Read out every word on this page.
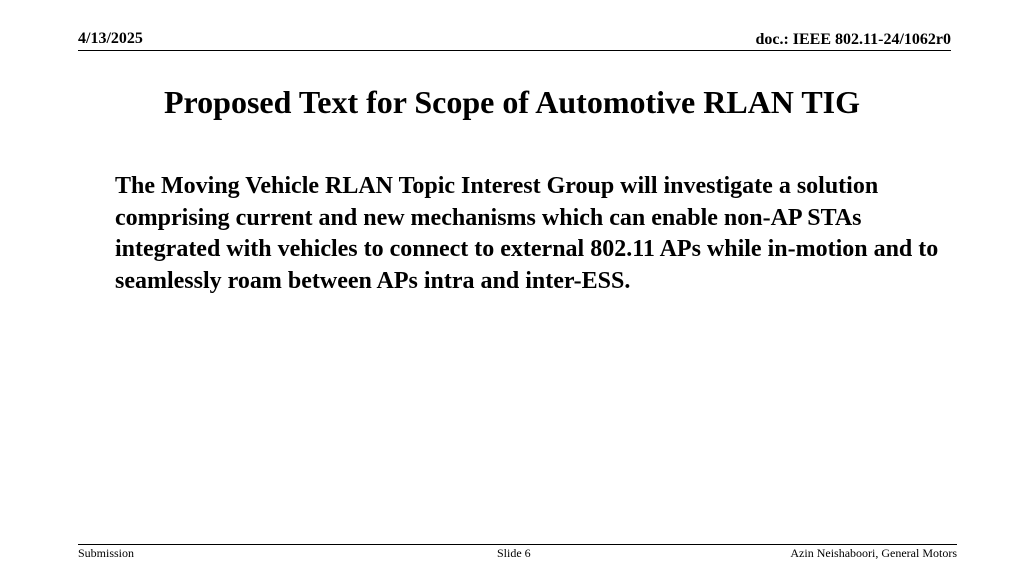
4/13/2025	doc.: IEEE 802.11-24/1062r0
Proposed Text for Scope of Automotive RLAN TIG

The Moving Vehicle RLAN Topic Interest Group will investigate a solution comprising current and new mechanisms which can enable non-AP STAs integrated with vehicles to connect to external 802.11 APs while in-motion and to seamlessly roam between APs intra and inter-ESS.

Submission	Slide 6	Azin Neishaboori, General Motors
